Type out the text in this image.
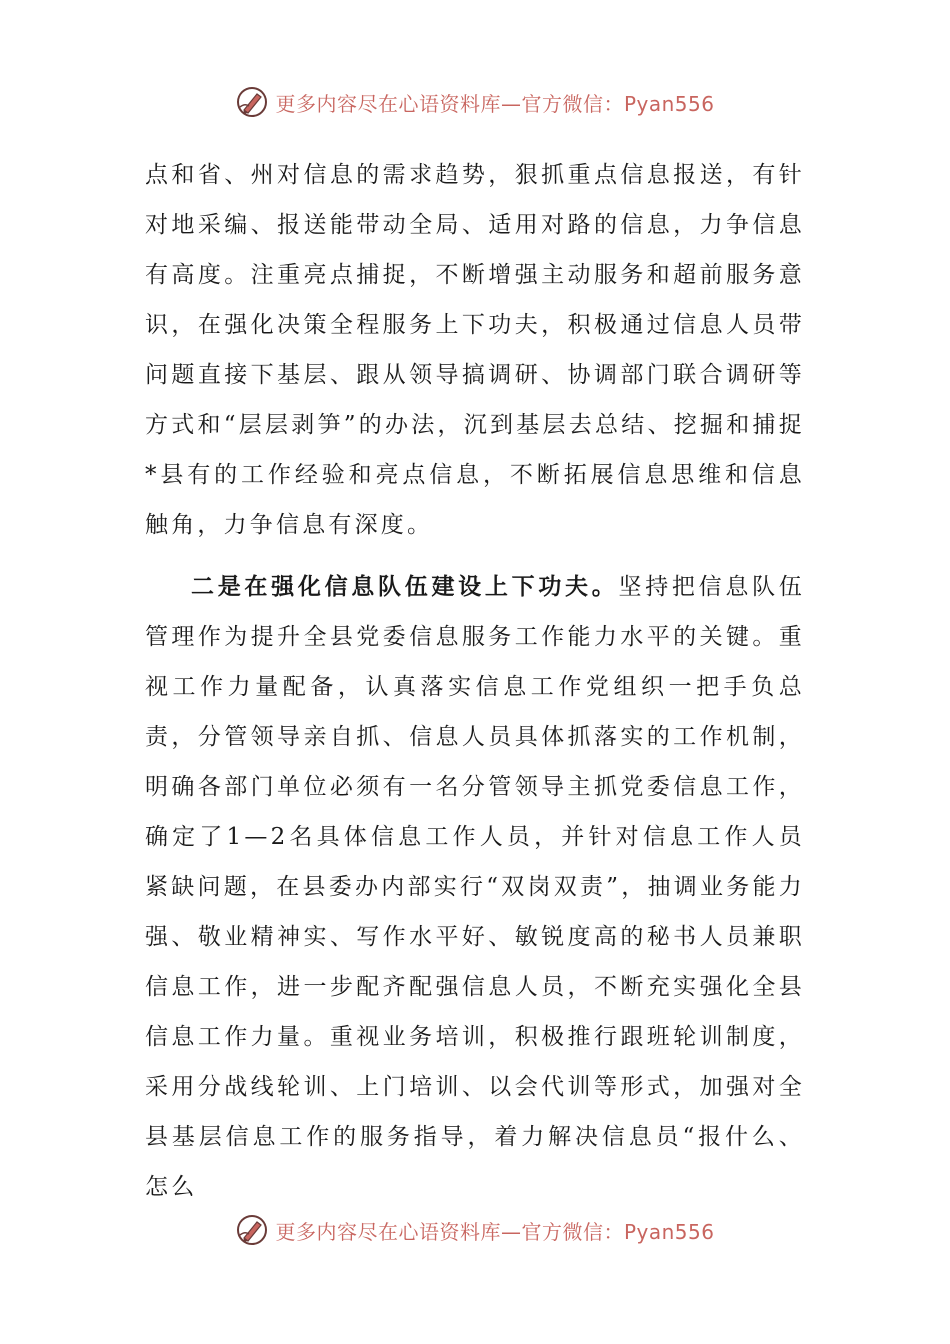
更多内容尽在心语资料库—官方微信：Pyan556

点和省、州对信息的需求趋势，狠抓重点信息报送，有针对地采编、报送能带动全局、适用对路的信息，力争信息有高度。注重亮点捕捉，不断增强主动服务和超前服务意识，在强化决策全程服务上下功夫，积极通过信息人员带问题直接下基层、跟从领导搞调研、协调部门联合调研等方式和“层层剥笋”的办法，沉到基层去总结、挖掘和捕捉*县有的工作经验和亮点信息，不断拓展信息思维和信息触角，力争信息有深度。

二是在强化信息队伍建设上下功夫。坚持把信息队伍管理作为提升全县党委信息服务工作能力水平的关键。重视工作力量配备，认真落实信息工作党组织一把手负总责，分管领导亲自抓、信息人员具体抓落实的工作机制，明确各部门单位必须有一名分管领导主抓党委信息工作，确定了1—2名具体信息工作人员，并针对信息工作人员紧缺问题，在县委办内部实行“双岗双责”，抽调业务能力强、敬业精神实、写作水平好、敏锐度高的秘书人员兼职信息工作，进一步配齐配强信息人员，不断充实强化全县信息工作力量。重视业务培训，积极推行跟班轮训制度，采用分战线轮训、上门培训、以会代训等形式，加强对全县基层信息工作的服务指导，着力解决信息员“报什么、怎么

更多内容尽在心语资料库—官方微信：Pyan556
